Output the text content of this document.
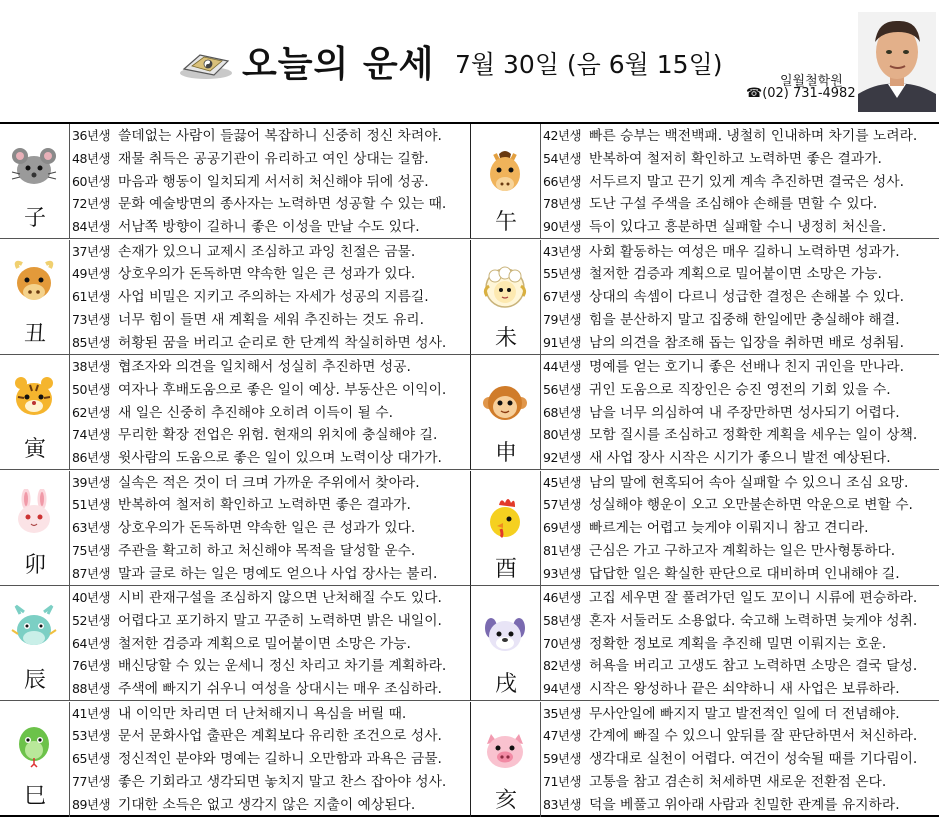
오늘의 운세 7월 30일 (음 6월 15일)
일월철학원
☎(02) 731-4982
子
36년생 쓸데없는 사람이 들끓어 복잡하니 신중히 정신 차려야.
48년생 재물 취득은 공공기관이 유리하고 여인 상대는 길함.
60년생 마음과 행동이 일치되게 서서히 처신해야 뒤에 성공.
72년생 문화 예술방면의 종사자는 노력하면 성공할 수 있는 때.
84년생 서남쪽 방향이 길하니 좋은 이성을 만날 수도 있다.
丑
37년생 손재가 있으니 교제시 조심하고 과잉 친절은 금물.
49년생 상호우의가 돈독하면 약속한 일은 큰 성과가 있다.
61년생 사업 비밀은 지키고 주의하는 자세가 성공의 지름길.
73년생 너무 힘이 들면 새 계획을 세워 추진하는 것도 유리.
85년생 허황된 꿈을 버리고 순리로 한 단계씩 착실히하면 성사.
寅
38년생 협조자와 의견을 일치해서 성실히 추진하면 성공.
50년생 여자나 후배도움으로 좋은 일이 예상. 부동산은 이익이.
62년생 새 일은 신중히 추진해야 오히려 이득이 될 수.
74년생 무리한 확장 전업은 위험. 현재의 위치에 충실해야 길.
86년생 윗사람의 도움으로 좋은 일이 있으며 노력이상 대가가.
卯
39년생 실속은 적은 것이 더 크며 가까운 주위에서 찾아라.
51년생 반복하여 철저히 확인하고 노력하면 좋은 결과가.
63년생 상호우의가 돈독하면 약속한 일은 큰 성과가 있다.
75년생 주관을 확고히 하고 처신해야 목적을 달성할 운수.
87년생 말과 글로 하는 일은 명예도 얻으나 사업 장사는 불리.
辰
40년생 시비 관재구설을 조심하지 않으면 난처해질 수도 있다.
52년생 어렵다고 포기하지 말고 꾸준히 노력하면 밝은 내일이.
64년생 철저한 검증과 계획으로 밀어붙이면 소망은 가능.
76년생 배신당할 수 있는 운세니 정신 차리고 차기를 계획하라.
88년생 주색에 빠지기 쉬우니 여성을 상대시는 매우 조심하라.
巳
41년생 내 이익만 차리면 더 난처해지니 욕심을 버릴 때.
53년생 문서 문화사업 출판은 계획보다 유리한 조건으로 성사.
65년생 정신적인 분야와 명예는 길하니 오만함과 과욕은 금물.
77년생 좋은 기회라고 생각되면 놓치지 말고 찬스 잡아야 성사.
89년생 기대한 소득은 없고 생각지 않은 지출이 예상된다.
午
42년생 빠른 승부는 백전백패. 냉철히 인내하며 차기를 노려라.
54년생 반복하여 철저히 확인하고 노력하면 좋은 결과가.
66년생 서두르지 말고 끈기 있게 계속 추진하면 결국은 성사.
78년생 도난 구설 주색을 조심해야 손해를 면할 수 있다.
90년생 득이 있다고 흥분하면 실패할 수니 냉정히 처신을.
未
43년생 사회 활동하는 여성은 매우 길하니 노력하면 성과가.
55년생 철저한 검증과 계획으로 밀어붙이면 소망은 가능.
67년생 상대의 속셈이 다르니 성급한 결정은 손해볼 수 있다.
79년생 힘을 분산하지 말고 집중해 한일에만 충실해야 해결.
91년생 남의 의견을 참조해 돕는 입장을 취하면 배로 성취됨.
申
44년생 명예를 얻는 호기니 좋은 선배나 친지 귀인을 만나라.
56년생 귀인 도움으로 직장인은 승진 영전의 기회 있을 수.
68년생 남을 너무 의심하여 내 주장만하면 성사되기 어렵다.
80년생 모함 질시를 조심하고 정확한 계획을 세우는 일이 상책.
92년생 새 사업 장사 시작은 시기가 좋으니 발전 예상된다.
酉
45년생 남의 말에 현혹되어 속아 실패할 수 있으니 조심 요망.
57년생 성실해야 행운이 오고 오만불손하면 악운으로 변할 수.
69년생 빠르게는 어렵고 늦게야 이뤄지니 참고 견디라.
81년생 근심은 가고 구하고자 계획하는 일은 만사형통하다.
93년생 답답한 일은 확실한 판단으로 대비하며 인내해야 길.
戌
46년생 고집 세우면 잘 풀려가던 일도 꼬이니 시류에 편승하라.
58년생 혼자 서둘러도 소용없다. 숙고해 노력하면 늦게야 성취.
70년생 정확한 정보로 계획을 추진해 밀면 이뤄지는 호운.
82년생 허욕을 버리고 고생도 참고 노력하면 소망은 결국 달성.
94년생 시작은 왕성하나 끝은 쇠약하니 새 사업은 보류하라.
亥
35년생 무사안일에 빠지지 말고 발전적인 일에 더 전념해야.
47년생 간계에 빠질 수 있으니 앞뒤를 잘 판단하면서 처신하라.
59년생 생각대로 실천이 어렵다. 여건이 성숙될 때를 기다림이.
71년생 고통을 참고 겸손히 처세하면 새로운 전환점 온다.
83년생 덕을 베풀고 위아래 사람과 친밀한 관계를 유지하라.
